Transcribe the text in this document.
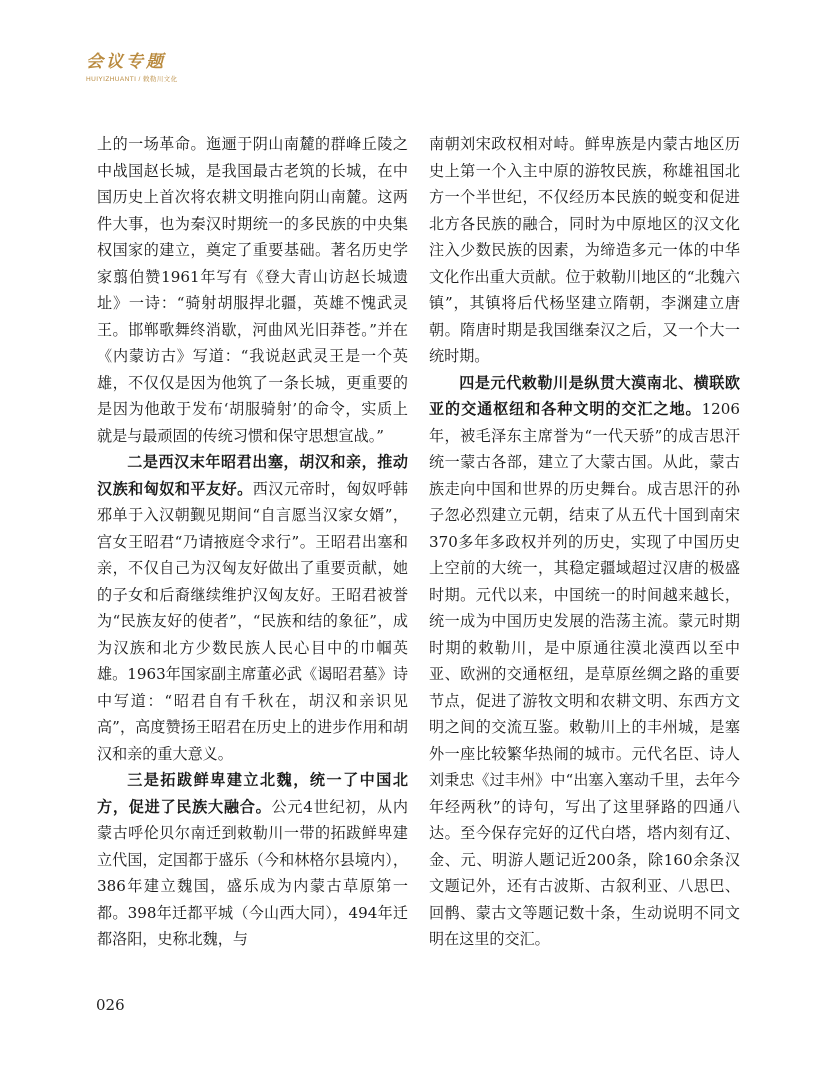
会议专题
HUIYIZHUANTI / 敕勒川文化

上的一场革命。迤逦于阴山南麓的群峰丘陵之中战国赵长城，是我国最古老筑的长城，在中国历史上首次将农耕文明推向阴山南麓。这两件大事，也为秦汉时期统一的多民族的中央集权国家的建立，奠定了重要基础。著名历史学家翦伯赞1961年写有《登大青山访赵长城遗址》一诗：“骑射胡服捍北疆，英雄不愧武灵王。邯郸歌舞终消歇，河曲风光旧莽苍。”并在《内蒙访古》写道：“我说赵武灵王是一个英雄，不仅仅是因为他筑了一条长城，更重要的是因为他敢于发布‘胡服骑射’的命令，实质上就是与最顽固的传统习惯和保守思想宣战。”

二是西汉末年昭君出塞，胡汉和亲，推动汉族和匈奴和平友好。西汉元帝时，匈奴呼韩邪单于入汉朝觐见期间“自言愿当汉家女婿”，宫女王昭君“乃请掖庭令求行”。王昭君出塞和亲，不仅自己为汉匈友好做出了重要贡献，她的子女和后裔继续维护汉匈友好。王昭君被誉为“民族友好的使者”，“民族和结的象征”，成为汉族和北方少数民族人民心目中的巾帼英雄。1963年国家副主席董必武《谒昭君墓》诗中写道：“昭君自有千秋在，胡汉和亲识见高”，高度赞扬王昭君在历史上的进步作用和胡汉和亲的重大意义。

三是拓跋鲜卑建立北魏，统一了中国北方，促进了民族大融合。公元4世纪初，从内蒙古呼伦贝尔南迁到敕勒川一带的拓跋鲜卑建立代国，定国都于盛乐（今和林格尔县境内），386年建立魏国，盛乐成为内蒙古草原第一都。398年迁都平城（今山西大同），494年迁都洛阳，史称北魏，与

南朝刘宋政权相对峙。鲜卑族是内蒙古地区历史上第一个入主中原的游牧民族，称雄祖国北方一个半世纪，不仅经历本民族的蜕变和促进北方各民族的融合，同时为中原地区的汉文化注入少数民族的因素，为缔造多元一体的中华文化作出重大贡献。位于敕勒川地区的“北魏六镇”，其镇将后代杨坚建立隋朝，李渊建立唐朝。隋唐时期是我国继秦汉之后，又一个大一统时期。

四是元代敕勒川是纵贯大漠南北、横联欧亚的交通枢纽和各种文明的交汇之地。1206年，被毛泽东主席誉为“一代天骄”的成吉思汗统一蒙古各部，建立了大蒙古国。从此，蒙古族走向中国和世界的历史舞台。成吉思汗的孙子忽必烈建立元朝，结束了从五代十国到南宋370多年多政权并列的历史，实现了中国历史上空前的大统一，其稳定疆域超过汉唐的极盛时期。元代以来，中国统一的时间越来越长，统一成为中国历史发展的浩荡主流。蒙元时期时期的敕勒川，是中原通往漠北漠西以至中亚、欧洲的交通枢纽，是草原丝绸之路的重要节点，促进了游牧文明和农耕文明、东西方文明之间的交流互鉴。敕勒川上的丰州城，是塞外一座比较繁华热闹的城市。元代名臣、诗人刘秉忠《过丰州》中“出塞入塞动千里，去年今年经两秋”的诗句，写出了这里驿路的四通八达。至今保存完好的辽代白塔，塔内刻有辽、金、元、明游人题记近200条，除160余条汉文题记外，还有古波斯、古叙利亚、八思巴、回鹘、蒙古文等题记数十条，生动说明不同文明在这里的交汇。

026
